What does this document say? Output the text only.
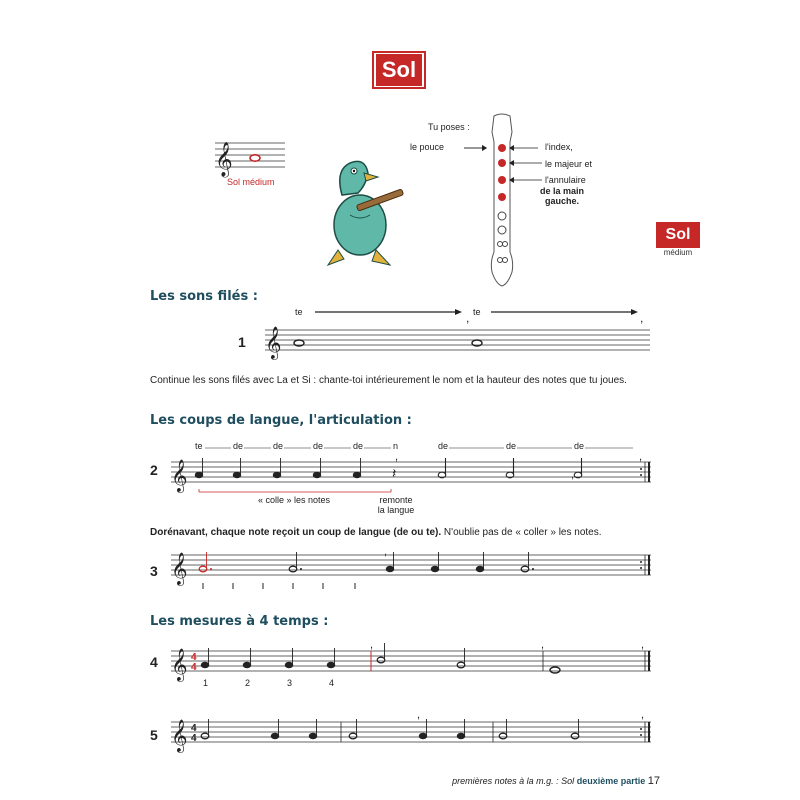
Sol
Sol
médium
𝄞
Sol médium
Tu poses :
le pouce	l'index,
le majeur et
l'annulaire
de la main
gauche.
Les sons filés :
1
te	, te	,
𝄞
Continue les sons filés avec La et Si : chante-toi intérieurement le nom et la hauteur des notes que tu joues.
Les coups de langue, l'articulation :
2
te	de	de	de	de	n	de	de	de
,
,
,
𝄞	𝄽
« colle » les notes	remonte
la langue
Dorénavant, chaque note reçoit un coup de langue (de ou te). N'oublie pas de « coller » les notes.
3
,
𝄞
Les mesures à 4 temps :
4
,	,	,
𝄞 4
4
1	2	3	4
5
,	,
𝄞 4
4
premières notes à la m.g. : Sol deuxième partie 17
